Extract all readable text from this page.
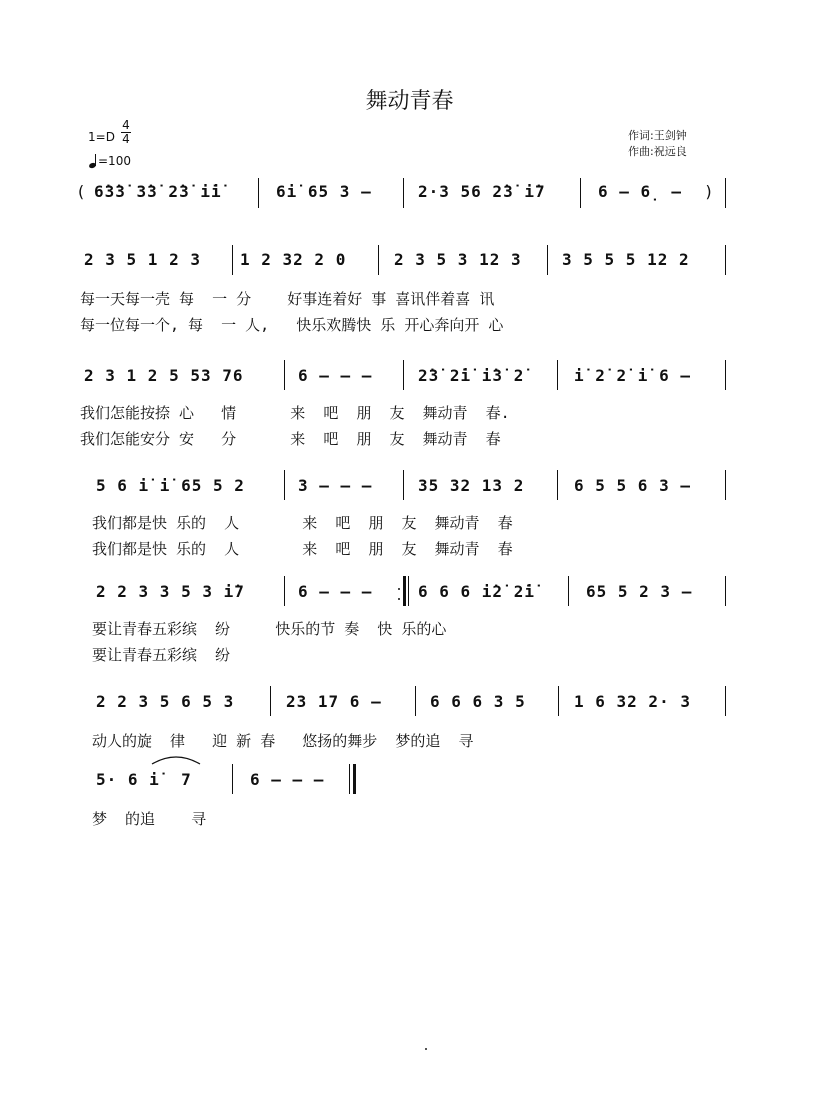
舞动青春
1=D
4
4
=100
作词:王剑钟
作曲:祝远良
( 6̇3̇3̇ 3̇3̇ 2̇3̇ i̇i̇	6i̇ 65 3 –	2·3 56 2̇3̇ i̇7	6 – 6̣ – )
2 3 5 1 2 3 1 2 32 2 0	2 3 5 3 12 3	3 5 5 5 12 2
每一天每一壳 每  一 分    好事连着好 事 喜讯伴着喜 讯
每一位每一个, 每  一 人,   快乐欢腾快 乐 开心奔向开 心
2 3 1 2 5 53 76	6 – – –	2̇3̇ 2̇i̇ i̇3̇ 2̇	i̇ 2̇ 2̇ i̇ 6 –
我们怎能按捺 心   情      来  吧  朋  友  舞动青  春.
我们怎能安分 安   分      来  吧  朋  友  舞动青  春
5 6 i̇ i̇ 65 5 2	3 – – –	35 32 13 2	6 5 5 6 3 –
我们都是快 乐的  人       来  吧  朋  友  舞动青  春
我们都是快 乐的  人       来  吧  朋  友  舞动青  春
2 2 3 3 5 3 i̇7	6 – – –	6 6 6 i̇2̇ 2̇i̇	65 5 2 3 –
要让青春五彩缤  纷     快乐的节 奏  快 乐的心
要让青春五彩缤  纷
2 2 3 5 6 5 3	23 17 6 –	6 6 6 3 5	1 6 32 2· 3
动人的旋  律   迎 新 春   悠扬的舞步  梦的追  寻
5· 6 i̇  7	6 – – –
梦  的追    寻
